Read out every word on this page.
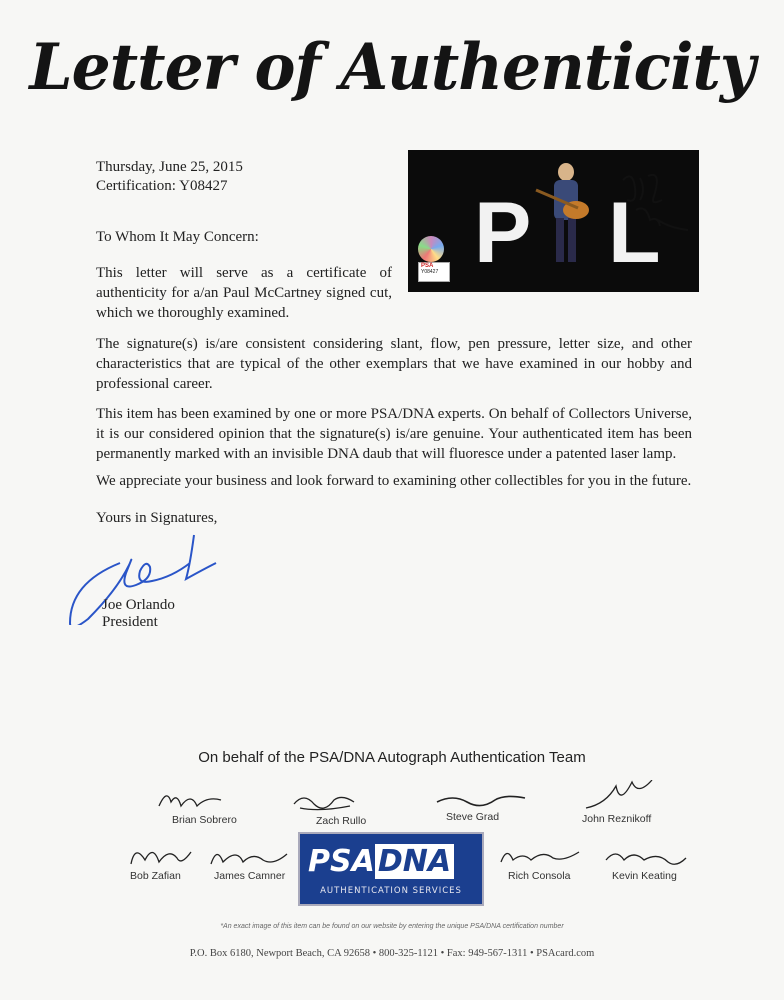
Letter of Authenticity
Thursday, June 25, 2015
Certification: Y08427	P L
PSA
Y08427
To Whom It May Concern:
This letter will serve as a certificate of authenticity for a/an Paul McCartney signed cut, which we thoroughly examined.
The signature(s) is/are consistent considering slant, flow, pen pressure, letter size, and other characteristics that are typical of the other exemplars that we have examined in our hobby and professional career.
This item has been examined by one or more PSA/DNA experts. On behalf of Collectors Universe, it is our considered opinion that the signature(s) is/are genuine. Your authenticated item has been permanently marked with an invisible DNA daub that will fluoresce under a patented laser lamp.
We appreciate your business and look forward to examining other collectibles for you in the future.
Yours in Signatures,
Joe Orlando
President
On behalf of the PSA/DNA Autograph Authentication Team
Brian Sobrero	Zach Rullo	Steve Grad	John Reznikoff
Bob Zafian	James Camner	Rich Consola	Kevin Keating
PSA DNA
AUTHENTICATION SERVICES
*An exact image of this item can be found on our website by entering the unique PSA/DNA certification number
P.O. Box 6180, Newport Beach, CA 92658 • 800-325-1121 • Fax: 949-567-1311 • PSAcard.com
